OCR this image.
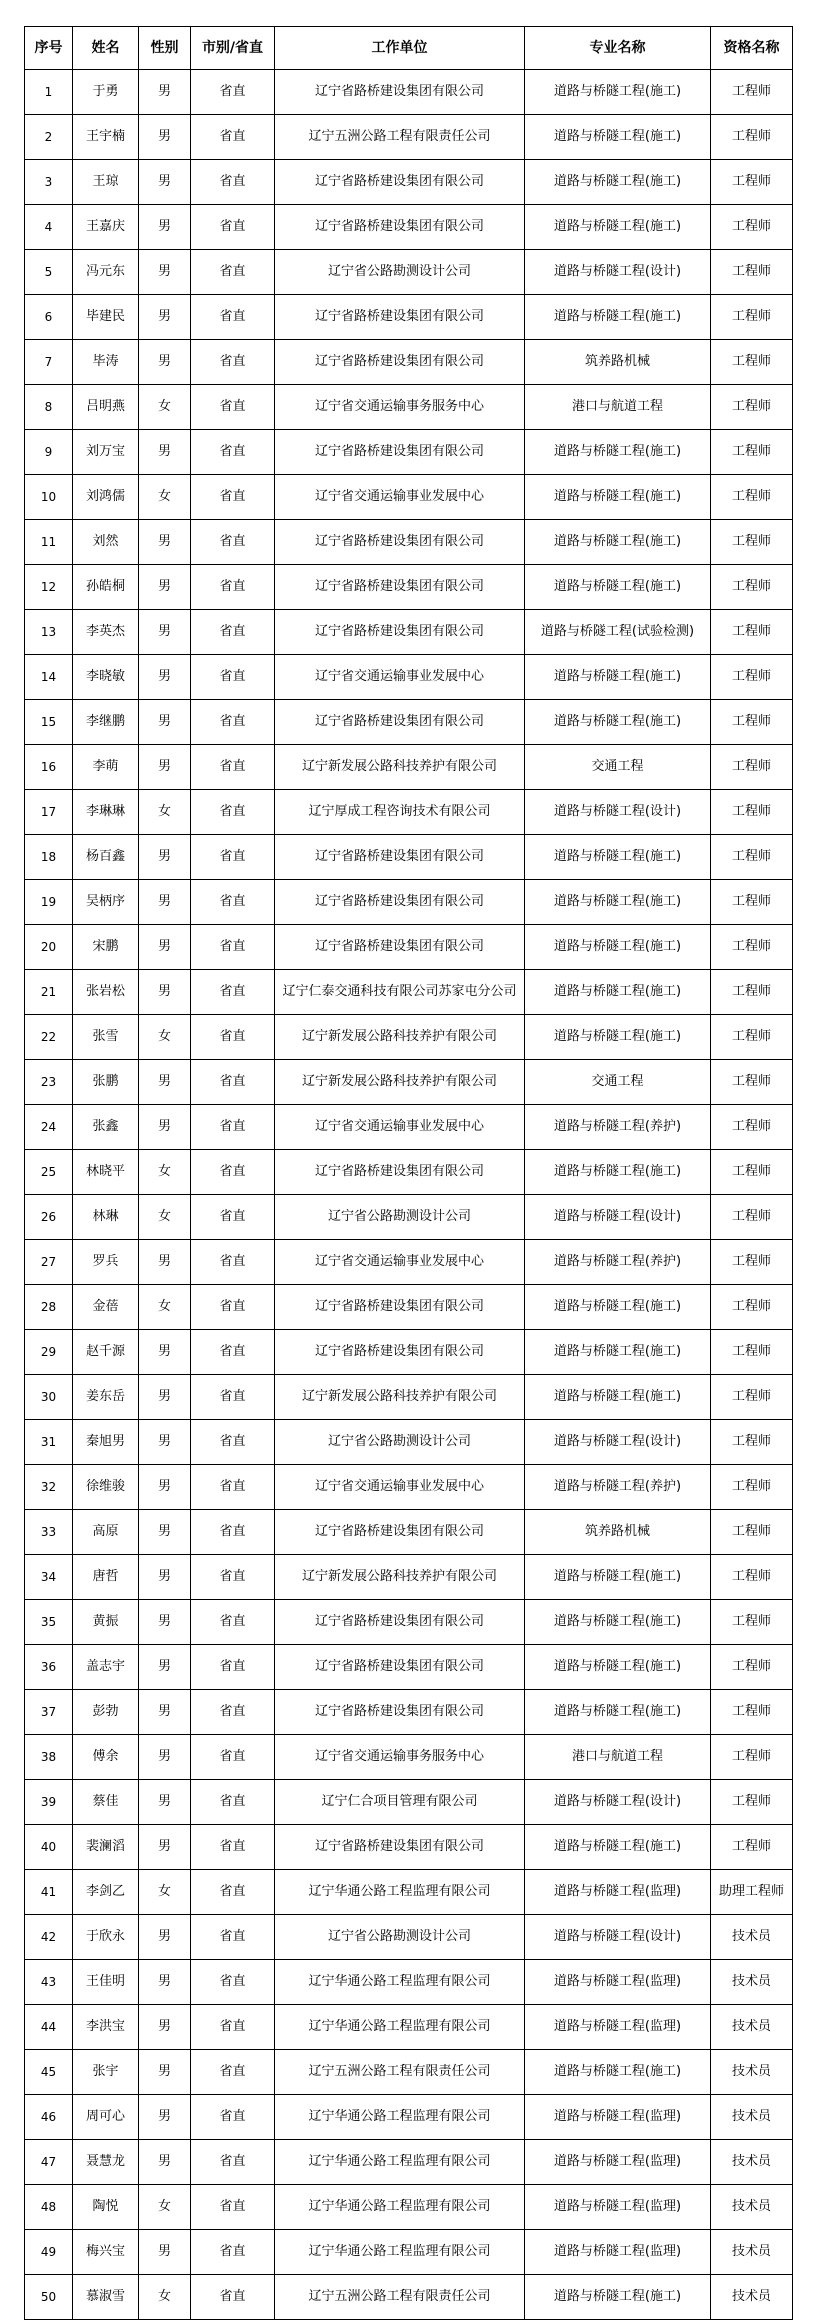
序号	姓名	性别	市别/省直	工作单位	专业名称	资格名称
1	于勇	男	省直	辽宁省路桥建设集团有限公司	道路与桥隧工程(施工)	工程师
2	王宇楠	男	省直	辽宁五洲公路工程有限责任公司	道路与桥隧工程(施工)	工程师
3	王琼	男	省直	辽宁省路桥建设集团有限公司	道路与桥隧工程(施工)	工程师
4	王嘉庆	男	省直	辽宁省路桥建设集团有限公司	道路与桥隧工程(施工)	工程师
5	冯元东	男	省直	辽宁省公路勘测设计公司	道路与桥隧工程(设计)	工程师
6	毕建民	男	省直	辽宁省路桥建设集团有限公司	道路与桥隧工程(施工)	工程师
7	毕涛	男	省直	辽宁省路桥建设集团有限公司	筑养路机械	工程师
8	吕明燕	女	省直	辽宁省交通运输事务服务中心	港口与航道工程	工程师
9	刘万宝	男	省直	辽宁省路桥建设集团有限公司	道路与桥隧工程(施工)	工程师
10	刘鸿儒	女	省直	辽宁省交通运输事业发展中心	道路与桥隧工程(施工)	工程师
11	刘然	男	省直	辽宁省路桥建设集团有限公司	道路与桥隧工程(施工)	工程师
12	孙皓桐	男	省直	辽宁省路桥建设集团有限公司	道路与桥隧工程(施工)	工程师
13	李英杰	男	省直	辽宁省路桥建设集团有限公司	道路与桥隧工程(试验检测)	工程师
14	李晓敏	男	省直	辽宁省交通运输事业发展中心	道路与桥隧工程(施工)	工程师
15	李继鹏	男	省直	辽宁省路桥建设集团有限公司	道路与桥隧工程(施工)	工程师
16	李萌	男	省直	辽宁新发展公路科技养护有限公司	交通工程	工程师
17	李琳琳	女	省直	辽宁厚成工程咨询技术有限公司	道路与桥隧工程(设计)	工程师
18	杨百鑫	男	省直	辽宁省路桥建设集团有限公司	道路与桥隧工程(施工)	工程师
19	吴柄序	男	省直	辽宁省路桥建设集团有限公司	道路与桥隧工程(施工)	工程师
20	宋鹏	男	省直	辽宁省路桥建设集团有限公司	道路与桥隧工程(施工)	工程师
21	张岩松	男	省直	辽宁仁泰交通科技有限公司苏家屯分公司	道路与桥隧工程(施工)	工程师
22	张雪	女	省直	辽宁新发展公路科技养护有限公司	道路与桥隧工程(施工)	工程师
23	张鹏	男	省直	辽宁新发展公路科技养护有限公司	交通工程	工程师
24	张鑫	男	省直	辽宁省交通运输事业发展中心	道路与桥隧工程(养护)	工程师
25	林晓平	女	省直	辽宁省路桥建设集团有限公司	道路与桥隧工程(施工)	工程师
26	林琳	女	省直	辽宁省公路勘测设计公司	道路与桥隧工程(设计)	工程师
27	罗兵	男	省直	辽宁省交通运输事业发展中心	道路与桥隧工程(养护)	工程师
28	金蓓	女	省直	辽宁省路桥建设集团有限公司	道路与桥隧工程(施工)	工程师
29	赵千源	男	省直	辽宁省路桥建设集团有限公司	道路与桥隧工程(施工)	工程师
30	姜东岳	男	省直	辽宁新发展公路科技养护有限公司	道路与桥隧工程(施工)	工程师
31	秦旭男	男	省直	辽宁省公路勘测设计公司	道路与桥隧工程(设计)	工程师
32	徐维骏	男	省直	辽宁省交通运输事业发展中心	道路与桥隧工程(养护)	工程师
33	高原	男	省直	辽宁省路桥建设集团有限公司	筑养路机械	工程师
34	唐哲	男	省直	辽宁新发展公路科技养护有限公司	道路与桥隧工程(施工)	工程师
35	黄振	男	省直	辽宁省路桥建设集团有限公司	道路与桥隧工程(施工)	工程师
36	盖志宇	男	省直	辽宁省路桥建设集团有限公司	道路与桥隧工程(施工)	工程师
37	彭勃	男	省直	辽宁省路桥建设集团有限公司	道路与桥隧工程(施工)	工程师
38	傅余	男	省直	辽宁省交通运输事务服务中心	港口与航道工程	工程师
39	蔡佳	男	省直	辽宁仁合项目管理有限公司	道路与桥隧工程(设计)	工程师
40	裴澜滔	男	省直	辽宁省路桥建设集团有限公司	道路与桥隧工程(施工)	工程师
41	李剑乙	女	省直	辽宁华通公路工程监理有限公司	道路与桥隧工程(监理)	助理工程师
42	于欣永	男	省直	辽宁省公路勘测设计公司	道路与桥隧工程(设计)	技术员
43	王佳明	男	省直	辽宁华通公路工程监理有限公司	道路与桥隧工程(监理)	技术员
44	李洪宝	男	省直	辽宁华通公路工程监理有限公司	道路与桥隧工程(监理)	技术员
45	张宇	男	省直	辽宁五洲公路工程有限责任公司	道路与桥隧工程(施工)	技术员
46	周可心	男	省直	辽宁华通公路工程监理有限公司	道路与桥隧工程(监理)	技术员
47	聂慧龙	男	省直	辽宁华通公路工程监理有限公司	道路与桥隧工程(监理)	技术员
48	陶悦	女	省直	辽宁华通公路工程监理有限公司	道路与桥隧工程(监理)	技术员
49	梅兴宝	男	省直	辽宁华通公路工程监理有限公司	道路与桥隧工程(监理)	技术员
50	慕淑雪	女	省直	辽宁五洲公路工程有限责任公司	道路与桥隧工程(施工)	技术员
